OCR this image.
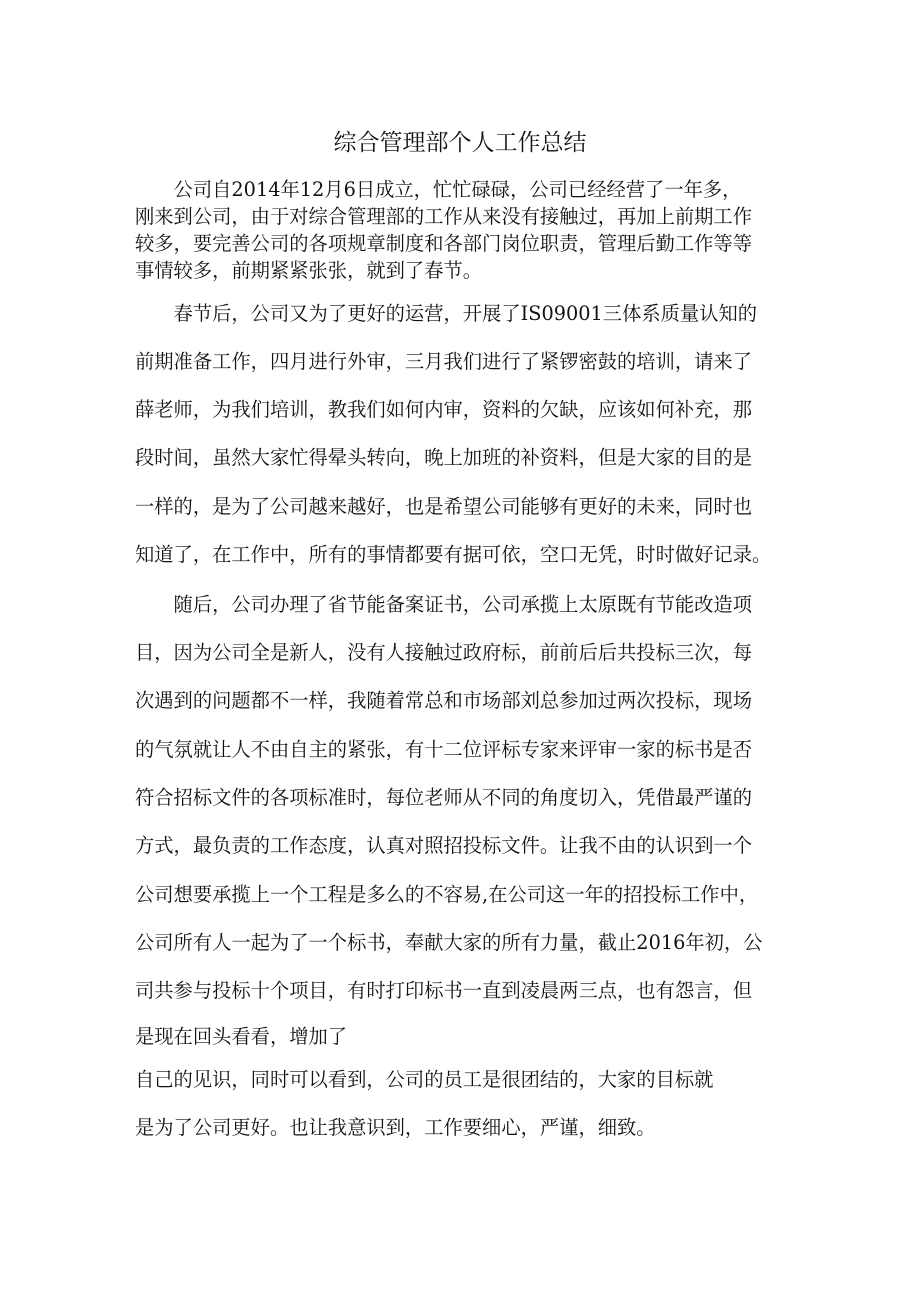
综合管理部个人工作总结
　　公司自2014年12月6日成立，忙忙碌碌，公司已经经营了一年多，
刚来到公司，由于对综合管理部的工作从来没有接触过，再加上前期工作
较多，要完善公司的各项规章制度和各部门岗位职责，管理后勤工作等等
事情较多，前期紧紧张张，就到了春节。
　　春节后，公司又为了更好的运营，开展了IS09001三体系质量认知的
前期准备工作，四月进行外审，三月我们进行了紧锣密鼓的培训，请来了
薛老师，为我们培训，教我们如何内审，资料的欠缺，应该如何补充，那
段时间，虽然大家忙得晕头转向，晚上加班的补资料，但是大家的目的是
一样的，是为了公司越来越好，也是希望公司能够有更好的未来，同时也
知道了，在工作中，所有的事情都要有据可依，空口无凭，时时做好记录。
　　随后，公司办理了省节能备案证书，公司承揽上太原既有节能改造项
目，因为公司全是新人，没有人接触过政府标，前前后后共投标三次，每
次遇到的问题都不一样，我随着常总和市场部刘总参加过两次投标，现场
的气氛就让人不由自主的紧张，有十二位评标专家来评审一家的标书是否
符合招标文件的各项标准时，每位老师从不同的角度切入，凭借最严谨的
方式，最负责的工作态度，认真对照招投标文件。让我不由的认识到一个
公司想要承揽上一个工程是多么的不容易,在公司这一年的招投标工作中，
公司所有人一起为了一个标书，奉献大家的所有力量，截止2016年初，公
司共参与投标十个项目，有时打印标书一直到凌晨两三点，也有怨言，但
是现在回头看看，增加了
自己的见识，同时可以看到，公司的员工是很团结的，大家的目标就
是为了公司更好。也让我意识到，工作要细心，严谨，细致。
